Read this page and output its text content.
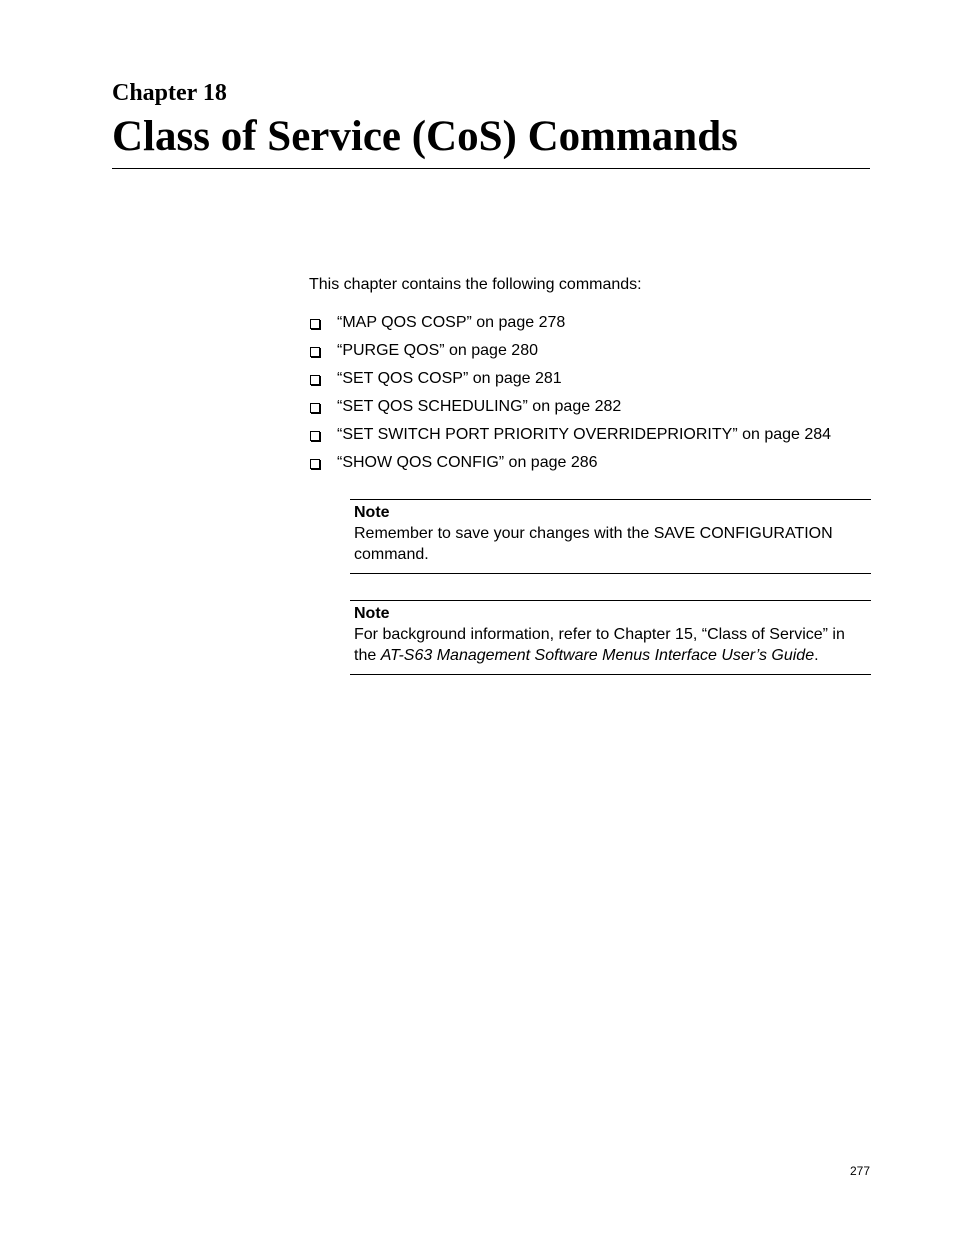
Chapter 18
Class of Service (CoS) Commands

This chapter contains the following commands:

“MAP QOS COSP” on page 278
“PURGE QOS” on page 280
“SET QOS COSP” on page 281
“SET QOS SCHEDULING” on page 282
“SET SWITCH PORT PRIORITY OVERRIDEPRIORITY” on page 284
“SHOW QOS CONFIG” on page 286

Note

Remember to save your changes with the SAVE CONFIGURATION command.

Note

For background information, refer to Chapter 15, “Class of Service” in the AT-S63 Management Software Menus Interface User’s Guide.

277
